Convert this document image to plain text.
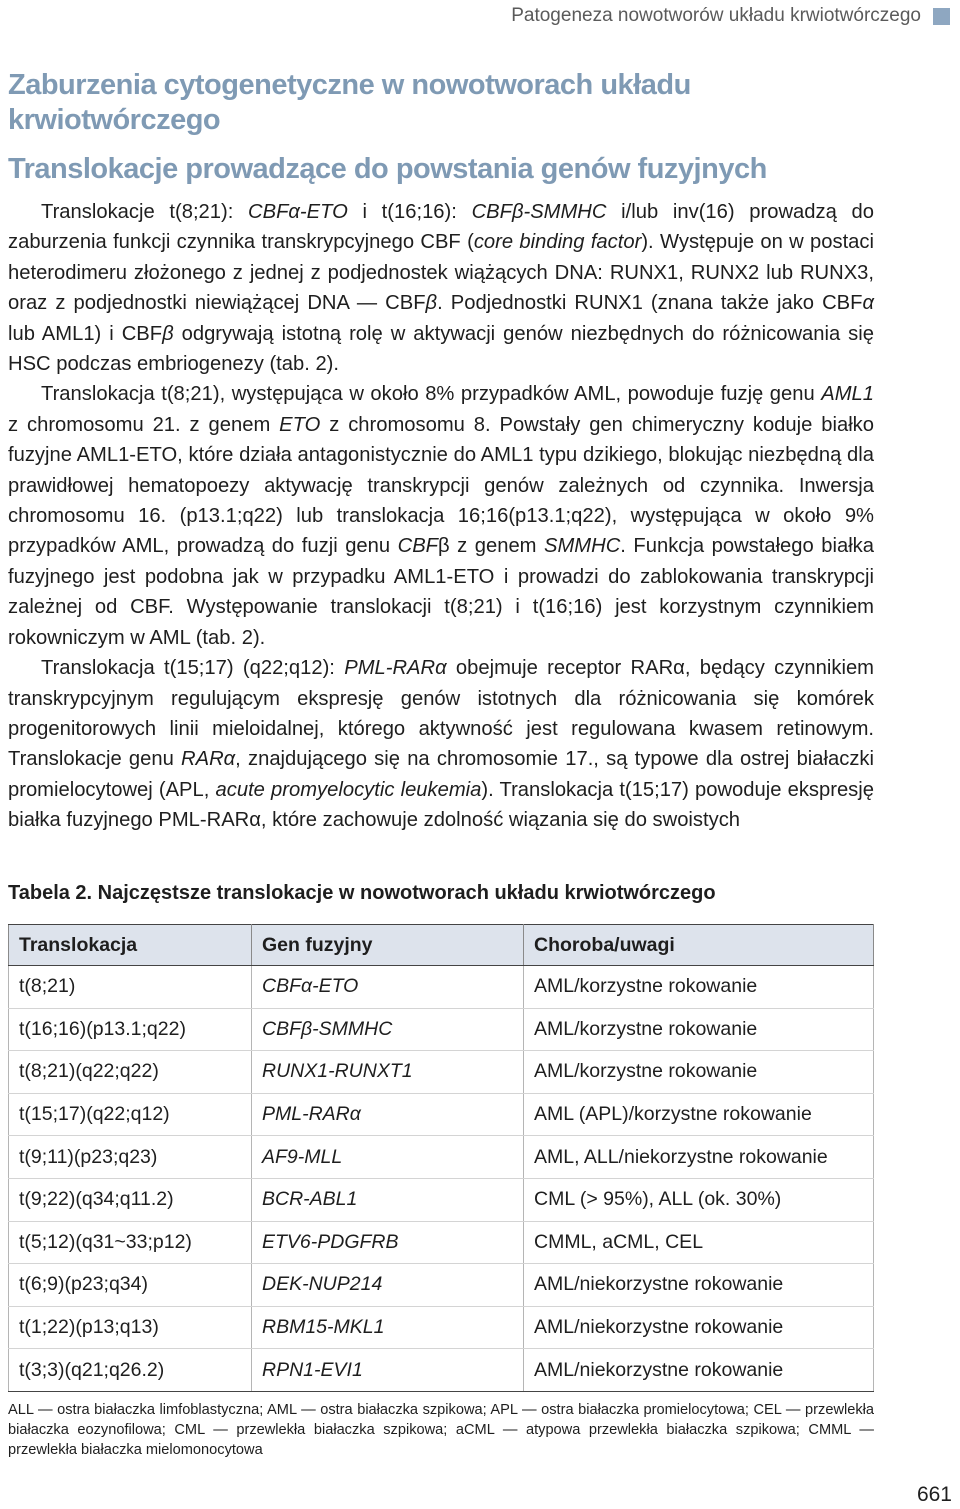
Patogeneza nowotworów układu krwiotwórczego
Zaburzenia cytogenetyczne w nowotworach układu krwiotwórczego
Translokacje prowadzące do powstania genów fuzyjnych

Translokacje t(8;21): CBFα-ETO i t(16;16): CBFβ-SMMHC i/lub inv(16) prowadzą do zaburzenia funkcji czynnika transkrypcyjnego CBF (core binding factor). Występuje on w postaci heterodimeru złożonego z jednej z podjednostek wiążących DNA: RUNX1, RUNX2 lub RUNX3, oraz z podjednostki niewiążącej DNA — CBFβ. Podjednostki RUNX1 (znana także jako CBFα lub AML1) i CBFβ odgrywają istotną rolę w aktywacji genów niezbędnych do różnicowania się HSC podczas embriogenezy (tab. 2).

Translokacja t(8;21), występująca w około 8% przypadków AML, powoduje fuzję genu AML1 z chromosomu 21. z genem ETO z chromosomu 8. Powstały gen chimeryczny koduje białko fuzyjne AML1-ETO, które działa antagonistycznie do AML1 typu dzikiego, blokując niezbędną dla prawidłowej hematopoezy aktywację transkrypcji genów zależnych od czynnika. Inwersja chromosomu 16. (p13.1;q22) lub translokacja 16;16(p13.1;q22), występująca w około 9% przypadków AML, prowadzą do fuzji genu CBFβ z genem SMMHC. Funkcja powstałego białka fuzyjnego jest podobna jak w przypadku AML1-ETO i prowadzi do zablokowania transkrypcji zależnej od CBF. Występowanie translokacji t(8;21) i t(16;16) jest korzystnym czynnikiem rokowniczym w AML (tab. 2).

Translokacja t(15;17) (q22;q12): PML-RARα obejmuje receptor RARα, będący czynnikiem transkrypcyjnym regulującym ekspresję genów istotnych dla różnicowania się komórek progenitorowych linii mieloidalnej, którego aktywność jest regulowana kwasem retinowym. Translokacje genu RARα, znajdującego się na chromosomie 17., są typowe dla ostrej białaczki promielocytowej (APL, acute promyelocytic leukemia). Translokacja t(15;17) powoduje ekspresję białka fuzyjnego PML-RARα, które zachowuje zdolność wiązania się do swoistych

Tabela 2. Najczęstsze translokacje w nowotworach układu krwiotwórczego
Translokacja	Gen fuzyjny	Choroba/uwagi
t(8;21)	CBFα-ETO	AML/korzystne rokowanie
t(16;16)(p13.1;q22)	CBFβ-SMMHC	AML/korzystne rokowanie
t(8;21)(q22;q22)	RUNX1-RUNXT1	AML/korzystne rokowanie
t(15;17)(q22;q12)	PML-RARα	AML (APL)/korzystne rokowanie
t(9;11)(p23;q23)	AF9-MLL	AML, ALL/niekorzystne rokowanie
t(9;22)(q34;q11.2)	BCR-ABL1	CML (> 95%), ALL (ok. 30%)
t(5;12)(q31~33;p12)	ETV6-PDGFRB	CMML, aCML, CEL
t(6;9)(p23;q34)	DEK-NUP214	AML/niekorzystne rokowanie
t(1;22)(p13;q13)	RBM15-MKL1	AML/niekorzystne rokowanie
t(3;3)(q21;q26.2)	RPN1-EVI1	AML/niekorzystne rokowanie
ALL — ostra białaczka limfoblastyczna; AML — ostra białaczka szpikowa; APL — ostra białaczka promielocytowa; CEL — przewlekła białaczka eozynofilowa; CML — przewlekła białaczka szpikowa; aCML — atypowa przewlekła białaczka szpikowa; CMML — przewlekła białaczka mielomonocytowa
661
